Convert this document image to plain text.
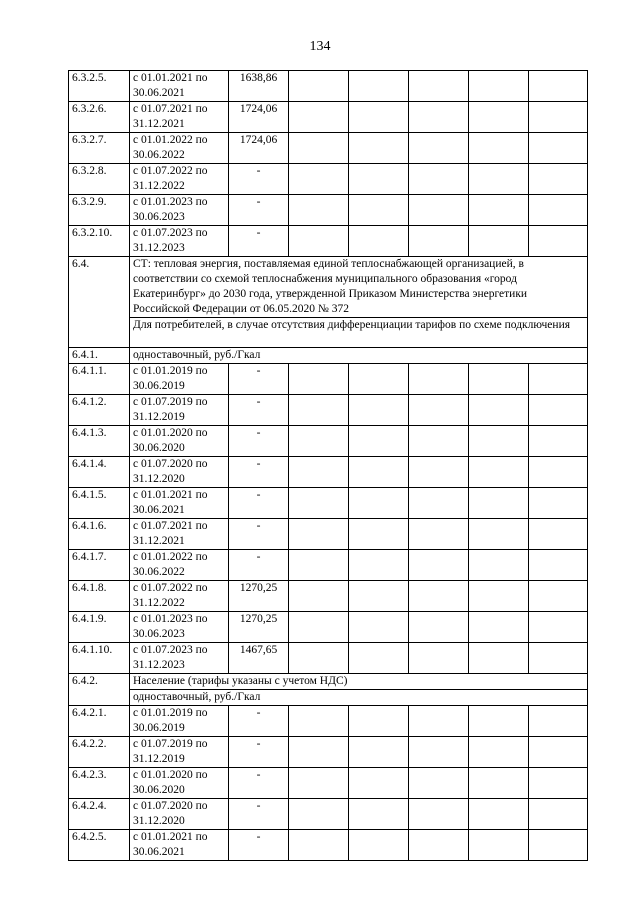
134
6.3.2.5.	с 01.01.2021 по 30.06.2021	1638,86					
6.3.2.6.	с 01.07.2021 по 31.12.2021	1724,06					
6.3.2.7.	с 01.01.2022 по 30.06.2022	1724,06					
6.3.2.8.	с 01.07.2022 по 31.12.2022	-					
6.3.2.9.	с 01.01.2023 по 30.06.2023	-					
6.3.2.10.	с 01.07.2023 по 31.12.2023	-					
6.4.	СТ: тепловая энергия, поставляемая единой теплоснабжающей организацией, в соответствии со схемой теплоснабжения муниципального образования «город Екатеринбург» до 2030 года, утвержденной Приказом Министерства энергетики Российской Федерации от 06.05.2020 № 372						
	Для потребителей, в случае отсутствия дифференциации тарифов по схеме подключения						
6.4.1.	одноставочный, руб./Гкал						
6.4.1.1.	с 01.01.2019 по 30.06.2019	-					
6.4.1.2.	с 01.07.2019 по 31.12.2019	-					
6.4.1.3.	с 01.01.2020 по 30.06.2020	-					
6.4.1.4.	с 01.07.2020 по 31.12.2020	-					
6.4.1.5.	с 01.01.2021 по 30.06.2021	-					
6.4.1.6.	с 01.07.2021 по 31.12.2021	-					
6.4.1.7.	с 01.01.2022 по 30.06.2022	-					
6.4.1.8.	с 01.07.2022 по 31.12.2022	1270,25					
6.4.1.9.	с 01.01.2023 по 30.06.2023	1270,25					
6.4.1.10.	с 01.07.2023 по 31.12.2023	1467,65					
6.4.2.	Население (тарифы указаны с учетом НДС)						
	одноставочный, руб./Гкал						
6.4.2.1.	с 01.01.2019 по 30.06.2019	-					
6.4.2.2.	с 01.07.2019 по 31.12.2019	-					
6.4.2.3.	с 01.01.2020 по 30.06.2020	-					
6.4.2.4.	с 01.07.2020 по 31.12.2020	-					
6.4.2.5.	с 01.01.2021 по 30.06.2021	-					
